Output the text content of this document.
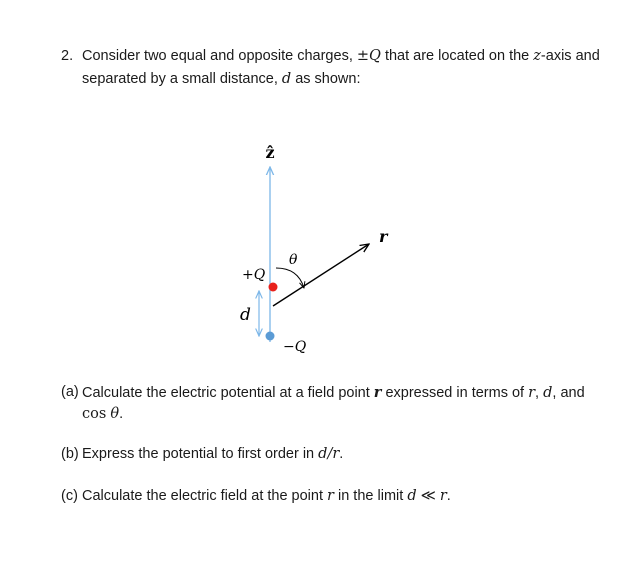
2. Consider two equal and opposite charges, ±Q that are located on the z-axis and
separated by a small distance, d as shown:
ẑ
r
θ
+Q
d
−Q
(a) Calculate the electric potential at a field point r expressed in terms of r, d, and
cos θ.
(b) Express the potential to first order in d/r.
(c) Calculate the electric field at the point r in the limit d ≪ r.
